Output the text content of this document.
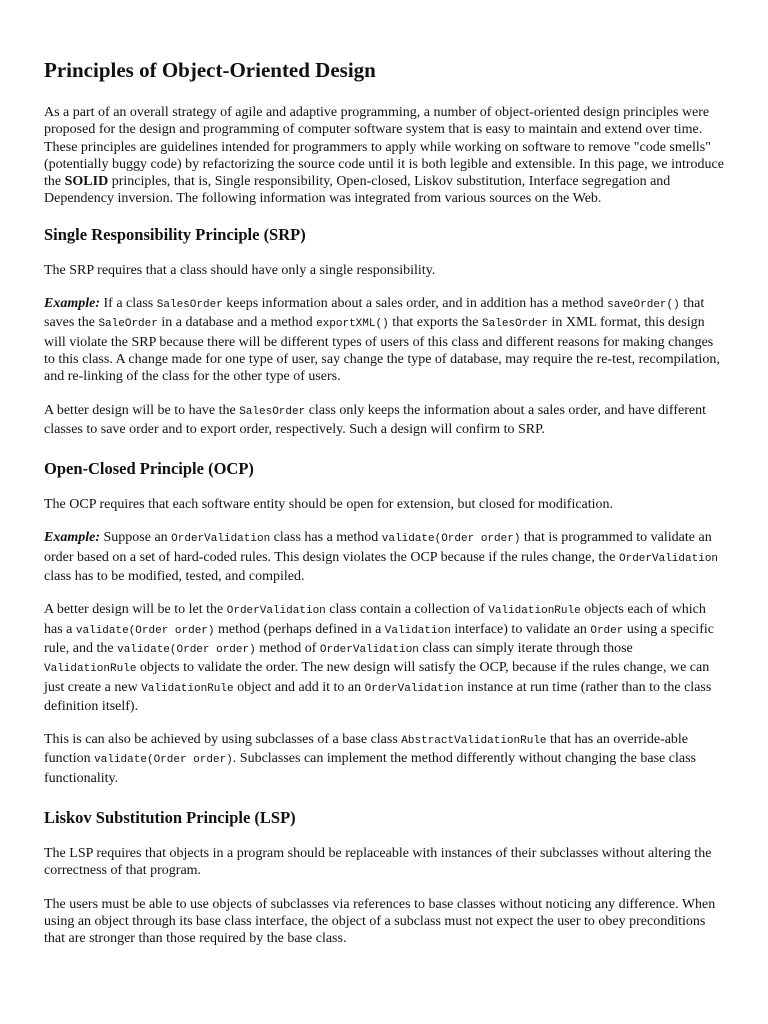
Principles of Object-Oriented Design

As a part of an overall strategy of agile and adaptive programming, a number of object-oriented design principles were proposed for the design and programming of computer software system that is easy to maintain and extend over time. These principles are guidelines intended for programmers to apply while working on software to remove "code smells" (potentially buggy code) by refactorizing the source code until it is both legible and extensible. In this page, we introduce the SOLID principles, that is, Single responsibility, Open-closed, Liskov substitution, Interface segregation and Dependency inversion. The following information was integrated from various sources on the Web.

Single Responsibility Principle (SRP)

The SRP requires that a class should have only a single responsibility.

Example: If a class SalesOrder keeps information about a sales order, and in addition has a method saveOrder() that saves the SaleOrder in a database and a method exportXML() that exports the SalesOrder in XML format, this design will violate the SRP because there will be different types of users of this class and different reasons for making changes to this class. A change made for one type of user, say change the type of database, may require the re-test, recompilation, and re-linking of the class for the other type of users.

A better design will be to have the SalesOrder class only keeps the information about a sales order, and have different classes to save order and to export order, respectively. Such a design will confirm to SRP.

Open-Closed Principle (OCP)

The OCP requires that each software entity should be open for extension, but closed for modification.

Example: Suppose an OrderValidation class has a method validate(Order order) that is programmed to validate an order based on a set of hard-coded rules. This design violates the OCP because if the rules change, the OrderValidation class has to be modified, tested, and compiled.

A better design will be to let the OrderValidation class contain a collection of ValidationRule objects each of which has a validate(Order order) method (perhaps defined in a Validation interface) to validate an Order using a specific rule, and the validate(Order order) method of OrderValidation class can simply iterate through those ValidationRule objects to validate the order. The new design will satisfy the OCP, because if the rules change, we can just create a new ValidationRule object and add it to an OrderValidation instance at run time (rather than to the class definition itself).

This is can also be achieved by using subclasses of a base class AbstractValidationRule that has an override-able function validate(Order order). Subclasses can implement the method differently without changing the base class functionality.

Liskov Substitution Principle (LSP)

The LSP requires that objects in a program should be replaceable with instances of their subclasses without altering the correctness of that program.

The users must be able to use objects of subclasses via references to base classes without noticing any difference. When using an object through its base class interface, the object of a subclass must not expect the user to obey preconditions that are stronger than those required by the base class.
